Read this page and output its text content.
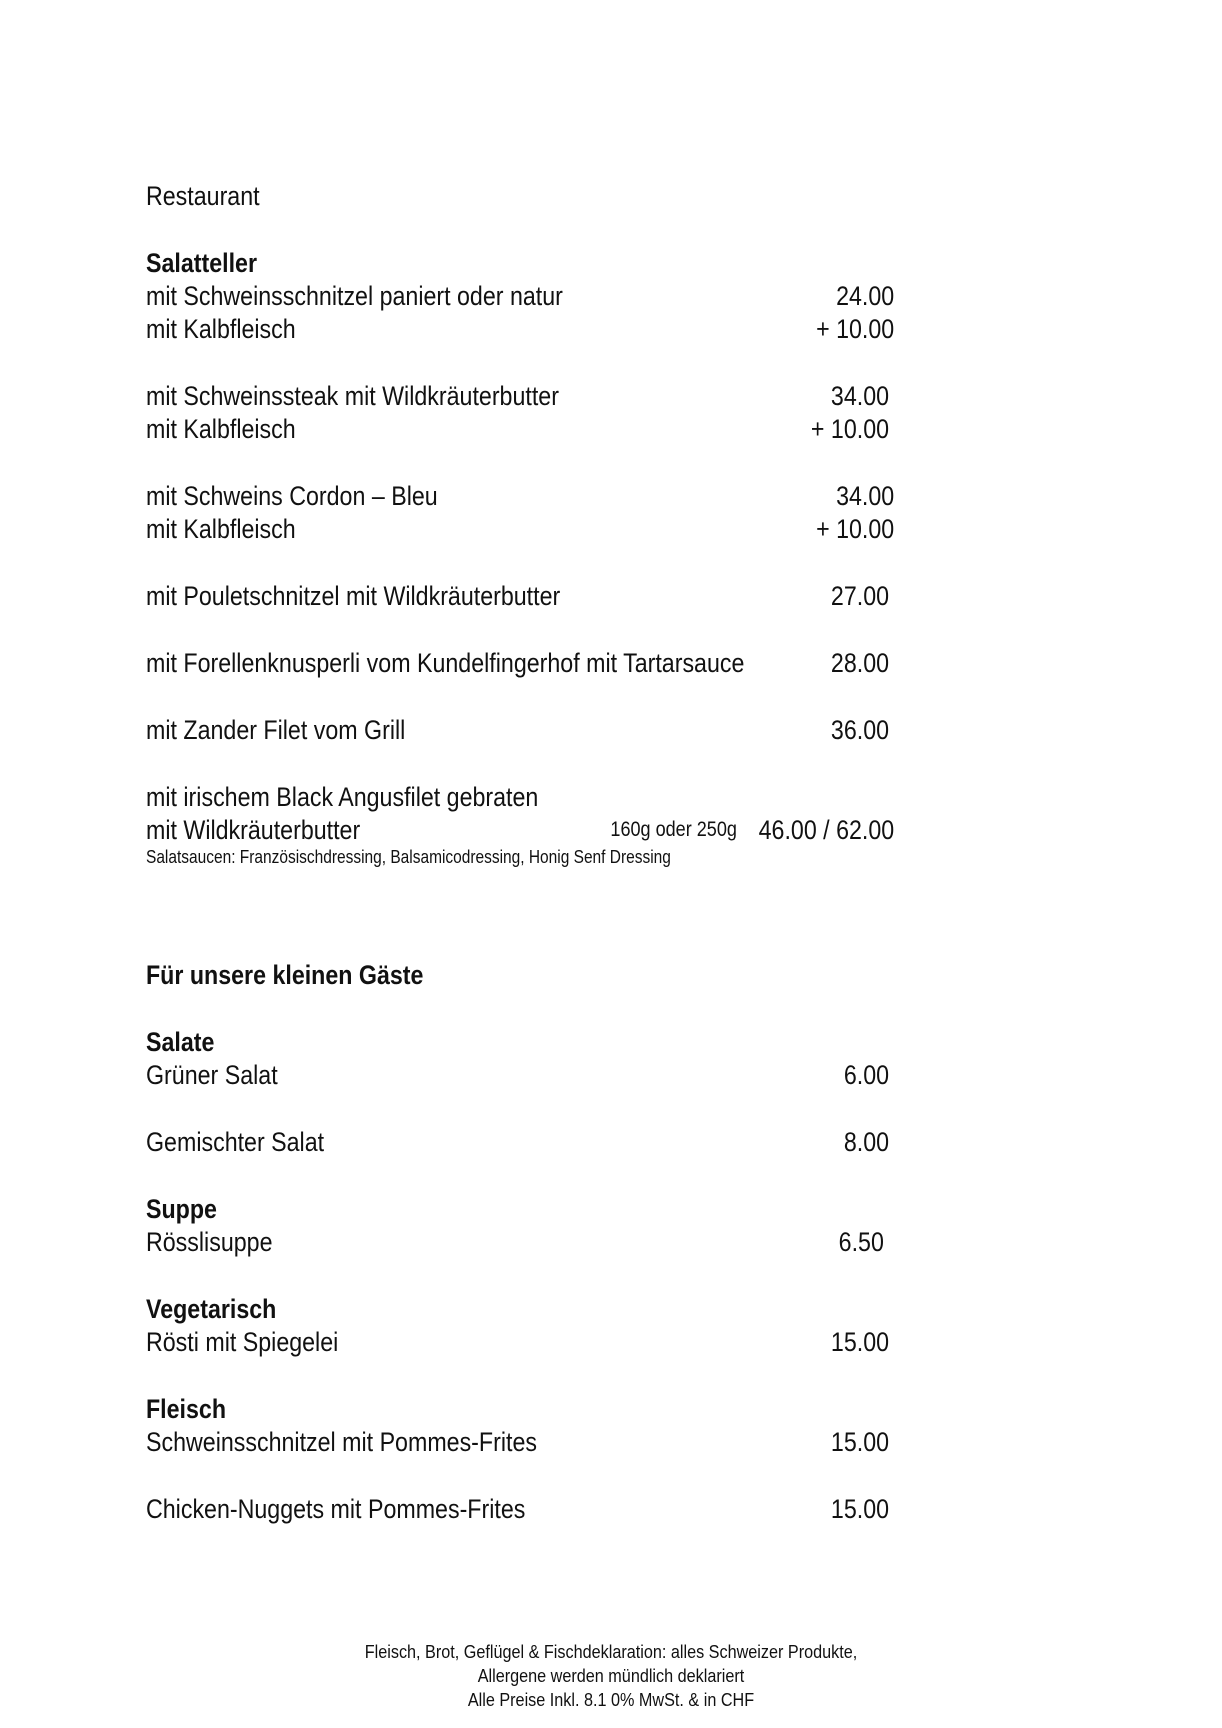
Restaurant
Salatteller
mit Schweinsschnitzel paniert oder natur	24.00
mit Kalbfleisch	+ 10.00
mit Schweinssteak mit Wildkräuterbutter	34.00
mit Kalbfleisch	+ 10.00
mit Schweins Cordon – Bleu	34.00
mit Kalbfleisch	+ 10.00
mit Pouletschnitzel mit Wildkräuterbutter	27.00
mit Forellenknusperli vom Kundelfingerhof mit Tartarsauce	28.00
mit Zander Filet vom Grill	36.00
mit irischem Black Angusfilet gebraten
mit Wildkräuterbutter	160g oder 250g 46.00 / 62.00
Salatsaucen: Französischdressing, Balsamicodressing, Honig Senf Dressing
Für unsere kleinen Gäste
Salate
Grüner Salat	6.00
Gemischter Salat	8.00
Suppe
Rösslisuppe	6.50
Vegetarisch
Rösti mit Spiegelei	15.00
Fleisch
Schweinsschnitzel mit Pommes-Frites	15.00
Chicken-Nuggets mit Pommes-Frites	15.00
Fleisch, Brot, Geflügel & Fischdeklaration: alles Schweizer Produkte,
Allergene werden mündlich deklariert
Alle Preise Inkl. 8.1 0% MwSt. & in CHF
